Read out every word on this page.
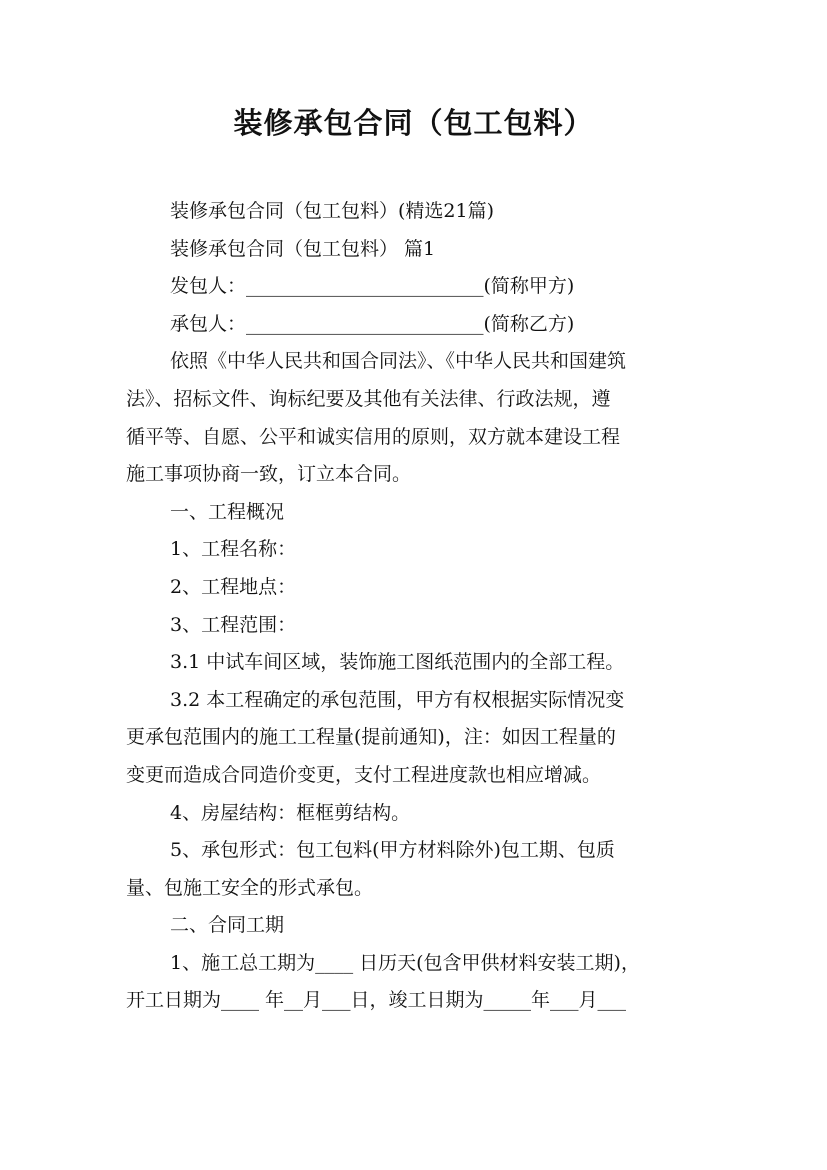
装修承包合同（包工包料）

装修承包合同（包工包料）(精选21篇)

装修承包合同（包工包料） 篇1

发包人：_________________________(简称甲方)

承包人：_________________________(简称乙方)

依照《中华人民共和国合同法》、《中华人民共和国建筑

法》、招标文件、询标纪要及其他有关法律、行政法规，遵

循平等、自愿、公平和诚实信用的原则，双方就本建设工程

施工事项协商一致，订立本合同。

一、工程概况

1、工程名称：

2、工程地点：

3、工程范围：

3.1 中试车间区域，装饰施工图纸范围内的全部工程。

3.2 本工程确定的承包范围，甲方有权根据实际情况变

更承包范围内的施工工程量(提前通知)，注：如因工程量的

变更而造成合同造价变更，支付工程进度款也相应增减。

4、房屋结构：框框剪结构。

5、承包形式：包工包料(甲方材料除外)包工期、包质

量、包施工安全的形式承包。

二、合同工期

1、施工总工期为____ 日历天(包含甲供材料安装工期)，

开工日期为____ 年__月___日，竣工日期为_____年___月___
